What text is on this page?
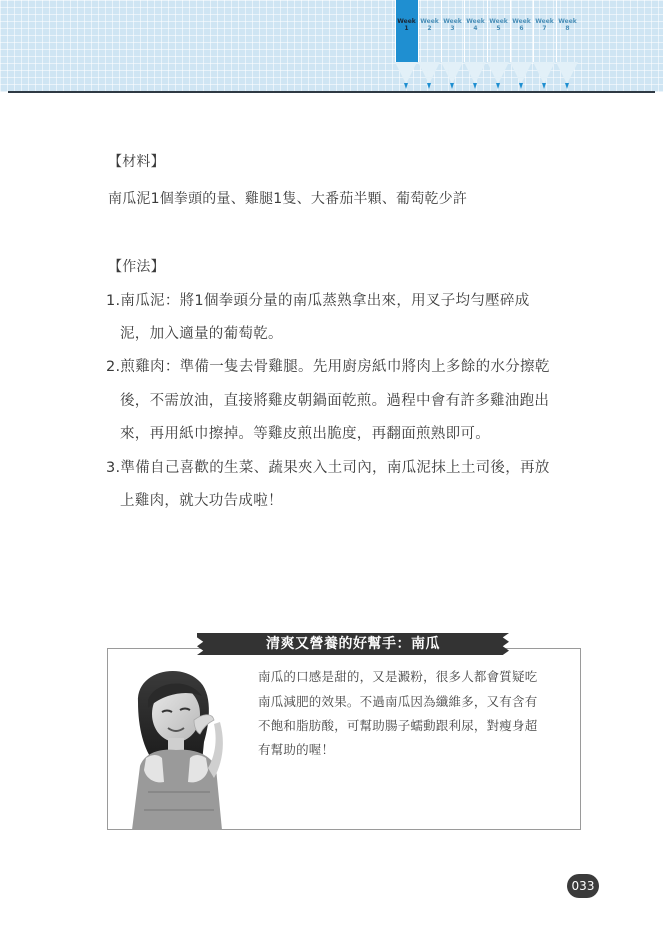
Week
1
Week
2
Week
3
Week
4
Week
5
Week
6
Week
7
Week
8
【材料】
南瓜泥1個拳頭的量、雞腿1隻、大番茄半顆、葡萄乾少許
【作法】
1.南瓜泥：將1個拳頭分量的南瓜蒸熟拿出來，用叉子均勻壓碎成
泥，加入適量的葡萄乾。
2.煎雞肉：準備一隻去骨雞腿。先用廚房紙巾將肉上多餘的水分擦乾
後，不需放油，直接將雞皮朝鍋面乾煎。過程中會有許多雞油跑出
來，再用紙巾擦掉。等雞皮煎出脆度，再翻面煎熟即可。
3.準備自己喜歡的生菜、蔬果夾入土司內，南瓜泥抹上土司後，再放
上雞肉，就大功告成啦！
清爽又營養的好幫手：南瓜
南瓜的口感是甜的，又是澱粉，很多人都會質疑吃
南瓜減肥的效果。不過南瓜因為纖維多，又有含有
不飽和脂肪酸，可幫助腸子蠕動跟利尿，對瘦身超
有幫助的喔！
033
